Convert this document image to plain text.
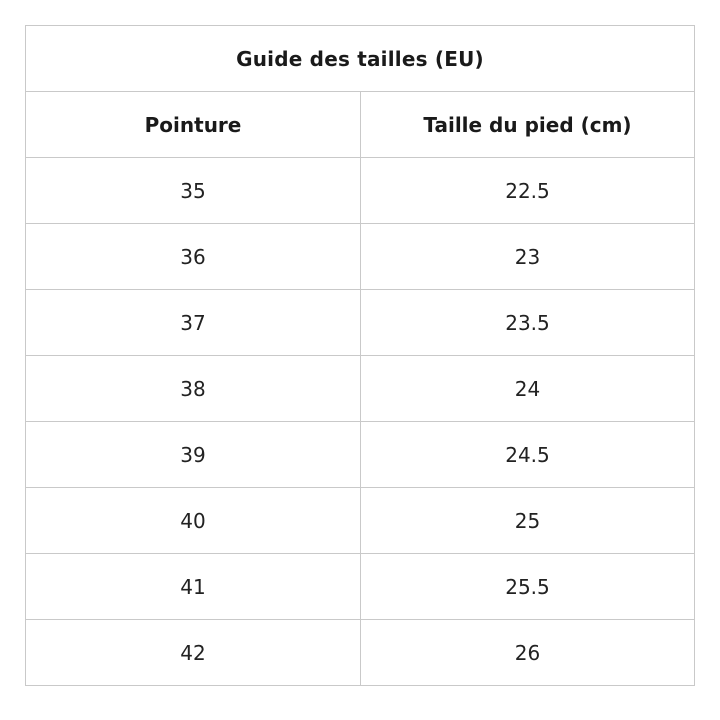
Guide des tailles (EU)	
Pointure	Taille du pied (cm)
35	22.5
36	23
37	23.5
38	24
39	24.5
40	25
41	25.5
42	26
